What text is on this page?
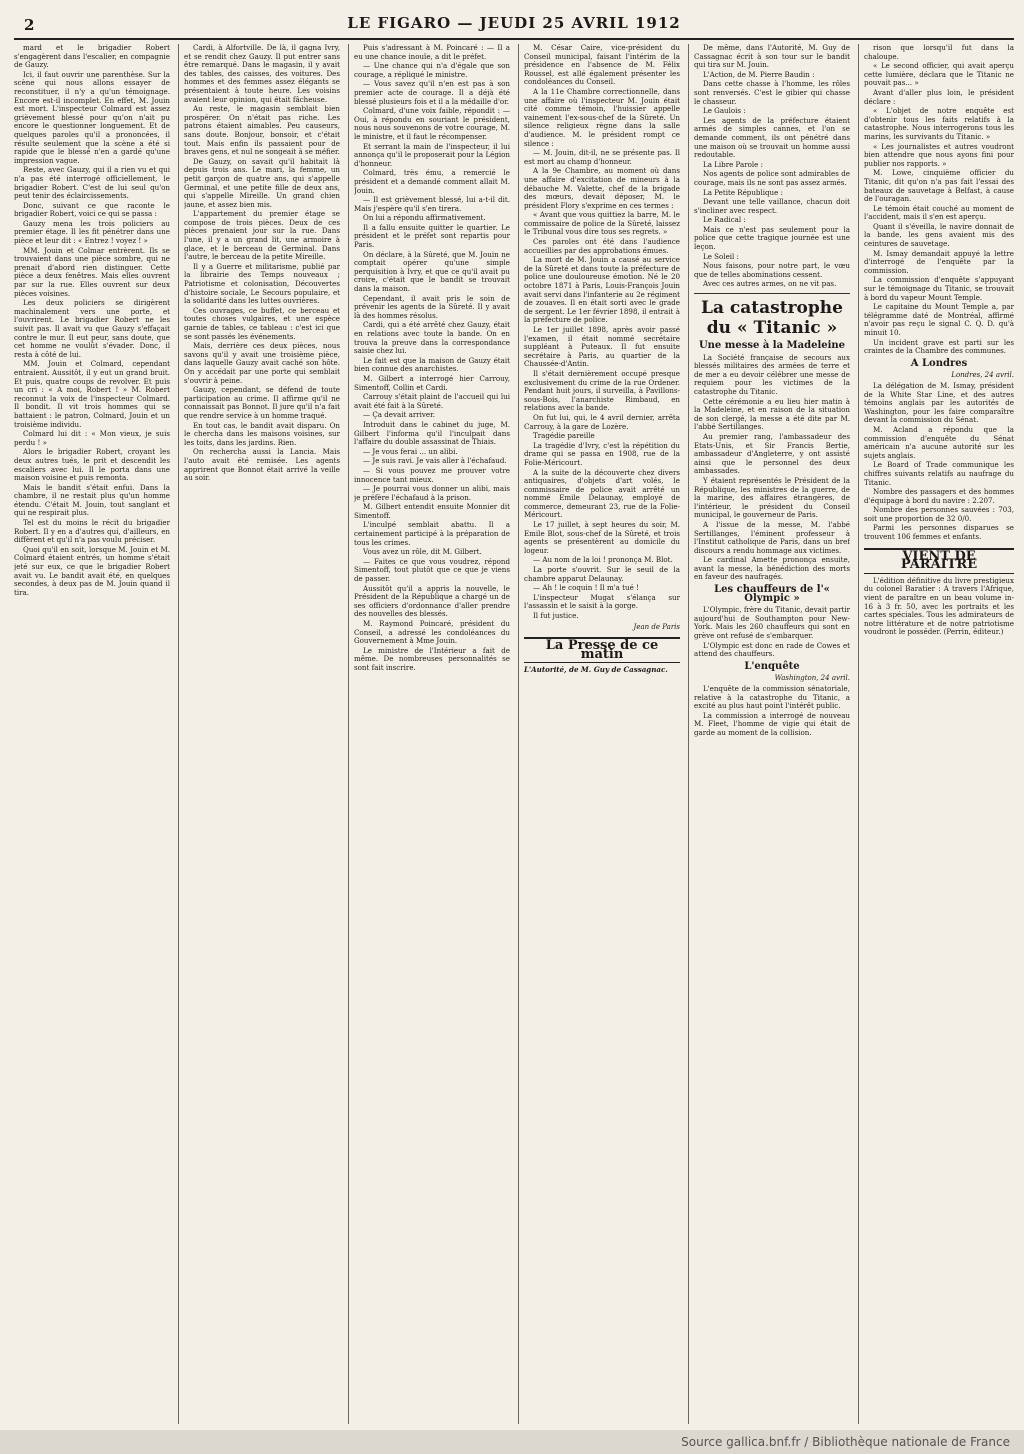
2	LE FIGARO — JEUDI 25 AVRIL 1912

mard et le brigadier Robert s'engagèrent dans l'escalier, en compagnie de Gauzy.

Ici, il faut ouvrir une parenthèse. Sur la scène qui nous allons essayer de reconstituer, il n'y a qu'un témoignage. Encore est-il incomplet. En effet, M. Jouin est mort. L'inspecteur Colmard est assez grièvement blessé pour qu'on n'ait pu encore le questionner longuement. Et de quelques paroles qu'il a prononcées, il résulte seulement que la scène a été si rapide que le blessé n'en a gardé qu'une impression vague.

Reste, avec Gauzy, qui il a rien vu et qui n'a pas été interrogé officiellement, le brigadier Robert. C'est de lui seul qu'on peut tenir des éclaircissements.

Donc, suivant ce que raconte le brigadier Robert, voici ce qui se passa :

Gauzy mena les trois policiers au premier étage. Il les fit pénétrer dans une pièce et leur dit : « Entrez ! voyez ! »

MM. Jouin et Colmar entrèrent. Ils se trouvaient dans une pièce sombre, qui ne prenait d'abord rien distinguer. Cette pièce a deux fenêtres. Mais elles ouvrent par sur la rue. Elles ouvrent sur deux pièces voisines.

Les deux policiers se dirigèrent machinalement vers une porte, et l'ouvrirent. Le brigadier Robert ne les suivit pas. Il avait vu que Gauzy s'effaçait contre le mur. Il eut peur, sans doute, que cet homme ne voulût s'évader. Donc, il resta à côté de lui.

MM. Jouin et Colmard, cependant entraient. Aussitôt, il y eut un grand bruit. Et puis, quatre coups de revolver. Et puis un cri : « A moi, Robert ! » M. Robert reconnut la voix de l'inspecteur Colmard. Il bondit. Il vit trois hommes qui se battaient : le patron, Colmard, Jouin et un troisième individu.

Colmard lui dit : « Mon vieux, je suis perdu ! »

Alors le brigadier Robert, croyant les deux autres tués, le prit et descendit les escaliers avec lui. Il le porta dans une maison voisine et puis remonta.

Mais le bandit s'était enfui. Dans la chambre, il ne restait plus qu'un homme étendu. C'était M. Jouin, tout sanglant et qui ne respirait plus.

Tel est du moins le récit du brigadier Robert. Il y en a d'autres qui, d'ailleurs, en diffèrent et qu'il n'a pas voulu préciser.

Quoi qu'il en soit, lorsque M. Jouin et M. Colmard étaient entrés, un homme s'était jeté sur eux, ce que le brigadier Robert avait vu. Le bandit avait été, en quelques secondes, à deux pas de M. Jouin quand il tira.

Cardi, à Alfortville. De là, il gagna Ivry, et se rendit chez Gauzy. Il put entrer sans être remarqué. Dans le magasin, il y avait des tables, des caisses, des voitures. Des hommes et des femmes assez élégants se présentaient à toute heure. Les voisins avaient leur opinion, qui était fâcheuse.

Au reste, le magasin semblait bien prospérer. On n'était pas riche. Les patrons étaient aimables. Peu causeurs, sans doute. Bonjour, bonsoir, et c'était tout. Mais enfin ils passaient pour de braves gens, et nul ne songeait à se méfier.

De Gauzy, on savait qu'il habitait là depuis trois ans. Le mari, la femme, un petit garçon de quatre ans, qui s'appelle Germinal, et une petite fille de deux ans, qui s'appelle Mireille. Un grand chien jaune, et assez bien mis.

L'appartement du premier étage se compose de trois pièces. Deux de ces pièces prenaient jour sur la rue. Dans l'une, il y a un grand lit, une armoire à glace, et le berceau de Germinal. Dans l'autre, le berceau de la petite Mireille.

Il y a Guerre et militarisme, publié par la librairie des Temps nouveaux ; Patriotisme et colonisation, Découvertes d'histoire sociale, Le Secours populaire, et la solidarité dans les luttes ouvrières.

Ces ouvrages, ce buffet, ce berceau et toutes choses vulgaires, et une espèce garnie de tables, ce tableau : c'est ici que se sont passés les événements.

Mais, derrière ces deux pièces, nous savons qu'il y avait une troisième pièce, dans laquelle Gauzy avait caché son hôte. On y accédait par une porte qui semblait s'ouvrir à peine.

Gauzy, cependant, se défend de toute participation au crime. Il affirme qu'il ne connaissait pas Bonnot. Il jure qu'il n'a fait que rendre service à un homme traqué.

En tout cas, le bandit avait disparu. On le chercha dans les maisons voisines, sur les toits, dans les jardins. Rien.

On rechercha aussi la Lancia. Mais l'auto avait été remisée. Les agents apprirent que Bonnot était arrivé la veille au soir.

Puis s'adressant à M. Poincaré : — Il a eu une chance inouïe, a dit le préfet.

— Une chance qui n'a d'égale que son courage, a répliqué le ministre.

— Vous savez qu'il n'en est pas à son premier acte de courage. Il a déjà été blessé plusieurs fois et il a la médaille d'or.

Colmard, d'une voix faible, répondit : — Oui, à répondu en souriant le président, nous nous souvenons de votre courage, M. le ministre, et il faut le récompenser.

Et serrant la main de l'inspecteur, il lui annonça qu'il le proposerait pour la Légion d'honneur.

Colmard, très ému, a remercié le président et a demandé comment allait M. Jouin.

— Il est grièvement blessé, lui a-t-il dit. Mais j'espère qu'il s'en tirera.

On lui a répondu affirmativement.

Il a fallu ensuite quitter le quartier. Le président et le préfet sont repartis pour Paris.

On déclare, à la Sûreté, que M. Jouin ne comptait opérer qu'une simple perquisition à Ivry, et que ce qu'il avait pu croire, c'était que le bandit se trouvait dans la maison.

Cependant, il avait pris le soin de prévenir les agents de la Sûreté. Il y avait là des hommes résolus.

Cardi, qui a été arrêté chez Gauzy, était en relations avec toute la bande. On en trouva la preuve dans la correspondance saisie chez lui.

Le fait est que la maison de Gauzy était bien connue des anarchistes.

M. Gilbert a interrogé hier Carrouy, Simentoff, Collin et Cardi.

Carrouy s'était plaint de l'accueil qui lui avait été fait à la Sûreté.

— Ça devait arriver.

Introduit dans le cabinet du juge, M. Gilbert l'informa qu'il l'inculpait dans l'affaire du double assassinat de Thiais.

— Je vous ferai ... un alibi.

— Je suis ravi. Je vais aller à l'échafaud.

— Si vous pouvez me prouver votre innocence tant mieux.

— Je pourrai vous donner un alibi, mais je préfère l'échafaud à la prison.

M. Gilbert entendit ensuite Monnier dit Simentoff.

L'inculpé semblait abattu. Il a certainement participé à la préparation de tous les crimes.

Vous avez un rôle, dit M. Gilbert.

— Faites ce que vous voudrez, répond Simentoff, tout plutôt que ce que je viens de passer.

Aussitôt qu'il a appris la nouvelle, le Président de la République a chargé un de ses officiers d'ordonnance d'aller prendre des nouvelles des blessés.

M. Raymond Poincaré, président du Conseil, a adressé les condoléances du Gouvernement à Mme Jouin.

Le ministre de l'Intérieur a fait de même. De nombreuses personnalités se sont fait inscrire.

M. César Caire, vice-président du Conseil municipal, faisant l'intérim de la présidence en l'absence de M. Félix Roussel, est allé également présenter les condoléances du Conseil.

A la 11e Chambre correctionnelle, dans une affaire où l'inspecteur M. Jouin était cité comme témoin, l'huissier appelle vainement l'ex-sous-chef de la Sûreté. Un silence religieux règne dans la salle d'audience. M. le président rompt ce silence :

— M. Jouin, dit-il, ne se présente pas. Il est mort au champ d'honneur.

A la 9e Chambre, au moment où dans une affaire d'excitation de mineurs à la débauche M. Valette, chef de la brigade des mœurs, devait déposer, M. le président Flory s'exprime en ces termes :

« Avant que vous quittiez la barre, M. le commissaire de police de la Sûreté, laissez le Tribunal vous dire tous ses regrets. »

Ces paroles ont été dans l'audience accueillies par des approbations émues.

La mort de M. Jouin a causé au service de la Sûreté et dans toute la préfecture de police une douloureuse émotion. Né le 20 octobre 1871 à Paris, Louis-François Jouin avait servi dans l'infanterie au 2e régiment de zouaves. Il en était sorti avec le grade de sergent. Le 1er février 1898, il entrait à la préfecture de police.

Le 1er juillet 1898, après avoir passé l'examen, il était nommé secrétaire suppléant à Puteaux. Il fut ensuite secrétaire à Paris, au quartier de la Chaussée-d'Antin.

Il s'était dernièrement occupé presque exclusivement du crime de la rue Ordener. Pendant huit jours, il surveilla, à Pavillons-sous-Bois, l'anarchiste Rimbaud, en relations avec la bande.

On fut lui, qui, le 4 avril dernier, arrêta Carrouy, à la gare de Lozère.

Tragédie pareille

La tragédie d'Ivry, c'est la répétition du drame qui se passa en 1908, rue de la Folie-Méricourt.

A la suite de la découverte chez divers antiquaires, d'objets d'art volés, le commissaire de police avait arrêté un nommé Emile Delaunay, employé de commerce, demeurant 23, rue de la Folie-Méricourt.

Le 17 juillet, à sept heures du soir, M. Emile Blot, sous-chef de la Sûreté, et trois agents se présentèrent au domicile du logeur.

— Au nom de la loi ! prononça M. Blot.

La porte s'ouvrit. Sur le seuil de la chambre apparut Delaunay.

— Ah ! le coquin ! Il m'a tué !

L'inspecteur Mugat s'élança sur l'assassin et le saisit à la gorge.

Il fut justice.

Jean de Paris
La Presse de ce matin

L'Autorité, de M. Guy de Cassagnac.

De même, dans l'Autorité, M. Guy de Cassagnac écrit à son tour sur le bandit qui tira sur M. Jouin.

L'Action, de M. Pierre Baudin :

Dans cette chasse à l'homme, les rôles sont renversés. C'est le gibier qui chasse le chasseur.

Le Gaulois :

Les agents de la préfecture étaient armés de simples cannes, et l'on se demande comment, ils ont pénétré dans une maison où se trouvait un homme aussi redoutable.

La Libre Parole :

Nos agents de police sont admirables de courage, mais ils ne sont pas assez armés.

La Petite République :

Devant une telle vaillance, chacun doit s'incliner avec respect.

Le Radical :

Mais ce n'est pas seulement pour la police que cette tragique journée est une leçon.

Le Soleil :

Nous faisons, pour notre part, le vœu que de telles abominations cessent.

Avec ces autres armes, on ne vit pas.

La catastrophe du « Titanic »
Une messe à la Madeleine

La Société française de secours aux blessés militaires des armées de terre et de mer a eu devoir célébrer une messe de requiem pour les victimes de la catastrophe du Titanic.

Cette cérémonie a eu lieu hier matin à la Madeleine, et en raison de la situation de son clergé, la messe a été dite par M. l'abbé Sertillanges.

Au premier rang, l'ambassadeur des Etats-Unis, et Sir Francis Bertie, ambassadeur d'Angleterre, y ont assisté ainsi que le personnel des deux ambassades.

Y étaient représentés le Président de la République, les ministres de la guerre, de la marine, des affaires étrangères, de l'intérieur, le président du Conseil municipal, le gouverneur de Paris.

A l'issue de la messe, M. l'abbé Sertillanges, l'éminent professeur à l'Institut catholique de Paris, dans un bref discours a rendu hommage aux victimes.

Le cardinal Amette prononça ensuite, avant la messe, la bénédiction des morts en faveur des naufragés.

Les chauffeurs de l'« Olympic »

L'Olympic, frère du Titanic, devait partir aujourd'hui de Southampton pour New-York. Mais les 260 chauffeurs qui sont en grève ont refusé de s'embarquer.

L'Olympic est donc en rade de Cowes et attend des chauffeurs.

L'enquête
Washington, 24 avril.

L'enquête de la commission sénatoriale, relative à la catastrophe du Titanic, a excité au plus haut point l'intérêt public.

La commission a interrogé de nouveau M. Fleet, l'homme de vigie qui était de garde au moment de la collision.

rison que lorsqu'il fut dans la chaloupe.

« Le second officier, qui avait aperçu cette lumière, déclara que le Titanic ne pouvait pas... »

Avant d'aller plus loin, le président déclare :

« L'objet de notre enquête est d'obtenir tous les faits relatifs à la catastrophe. Nous interrogerons tous les marins, les survivants du Titanic. »

« Les journalistes et autres voudront bien attendre que nous ayons fini pour publier nos rapports. »

M. Lowe, cinquième officier du Titanic, dit qu'on n'a pas fait l'essai des bateaux de sauvetage à Belfast, à cause de l'ouragan.

Le témoin était couché au moment de l'accident, mais il s'en est aperçu.

Quant il s'éveilla, le navire donnait de la bande, les gens avaient mis des ceintures de sauvetage.

M. Ismay demandait appuyé la lettre d'interrogé de l'enquête par la commission.

La commission d'enquête s'appuyant sur le témoignage du Titanic, se trouvait à bord du vapeur Mount Temple.

Le capitaine du Mount Temple a, par télégramme daté de Montréal, affirmé n'avoir pas reçu le signal C. Q. D. qu'à minuit 10.

Un incident grave est parti sur les craintes de la Chambre des communes.

A Londres
Londres, 24 avril.

La délégation de M. Ismay, président de la White Star Line, et des autres témoins anglais par les autorités de Washington, pour les faire comparaître devant la commission du Sénat.

M. Acland a répondu que la commission d'enquête du Sénat américain n'a aucune autorité sur les sujets anglais.

Le Board of Trade communique les chiffres suivants relatifs au naufrage du Titanic.

Nombre des passagers et des hommes d'équipage à bord du navire : 2.207.

Nombre des personnes sauvées : 703, soit une proportion de 32 0/0.

Parmi les personnes disparues se trouvent 106 femmes et enfants.

VIENT DE PARAITRE

L'édition définitive du livre prestigieux du colonel Baratier : A travers l'Afrique, vient de paraître en un beau volume in-16 à 3 fr. 50, avec les portraits et les cartes spéciales. Tous les admirateurs de notre littérature et de notre patriotisme voudront le posséder. (Perrin, éditeur.)

Source gallica.bnf.fr / Bibliothèque nationale de France
